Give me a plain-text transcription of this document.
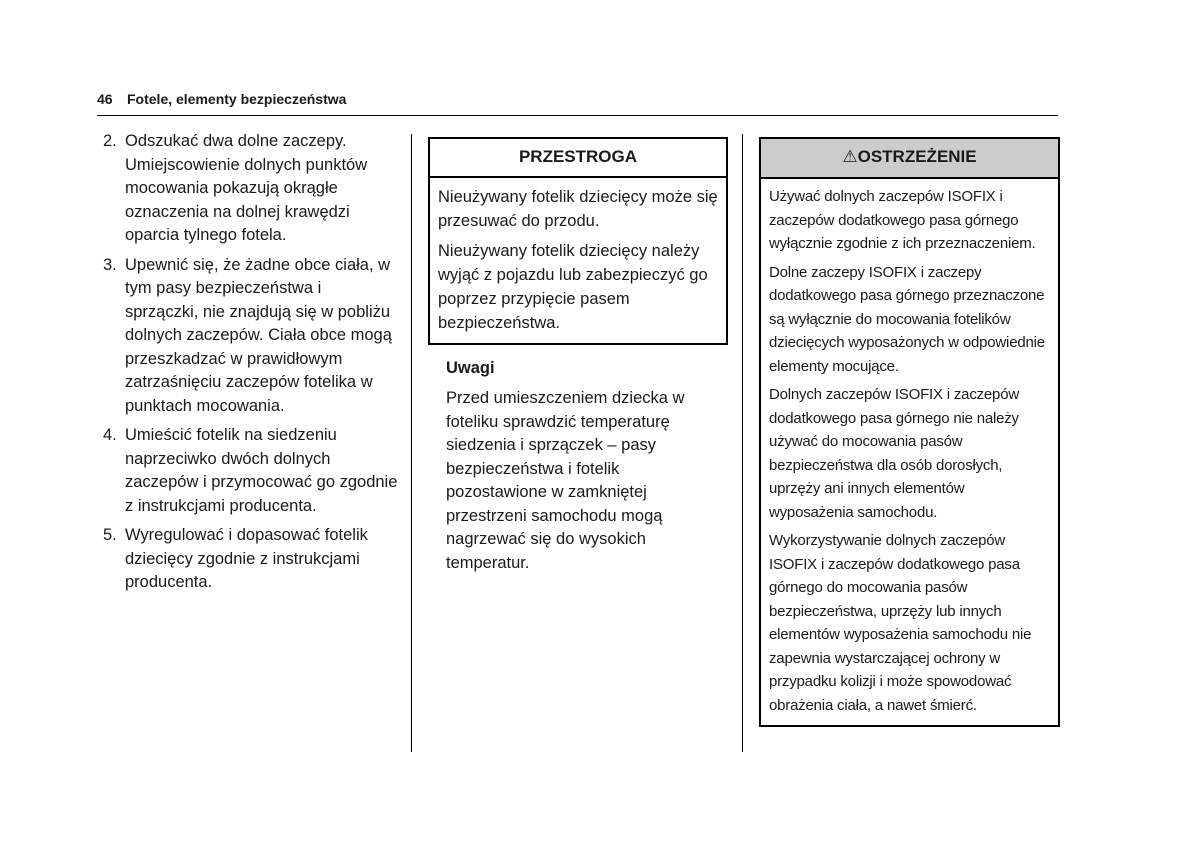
46 Fotele, elementy bezpieczeństwa
2. Odszukać dwa dolne zaczepy. Umiejscowienie dolnych punktów mocowania pokazują okrągłe oznaczenia na dolnej krawędzi oparcia tylnego fotela.
3. Upewnić się, że żadne obce ciała, w tym pasy bezpieczeństwa i sprzączki, nie znajdują się w pobliżu dolnych zaczepów. Ciała obce mogą przeszkadzać w prawidłowym zatrzaśnięciu zaczepów fotelika w punktach mocowania.
4. Umieścić fotelik na siedzeniu naprzeciwko dwóch dolnych zaczepów i przymocować go zgodnie z instrukcjami producenta.
5. Wyregulować i dopasować fotelik dziecięcy zgodnie z instrukcjami producenta.
PRZESTROGA

Nieużywany fotelik dziecięcy może się przesuwać do przodu.

Nieużywany fotelik dziecięcy należy wyjąć z pojazdu lub zabezpieczyć go poprzez przypięcie pasem bezpieczeństwa.

Uwagi
Przed umieszczeniem dziecka w foteliku sprawdzić temperaturę siedzenia i sprzączek – pasy bezpieczeństwa i fotelik pozostawione w zamkniętej przestrzeni samochodu mogą nagrzewać się do wysokich temperatur.
⚠OSTRZEŻENIE

Używać dolnych zaczepów ISOFIX i zaczepów dodatkowego pasa górnego wyłącznie zgodnie z ich przeznaczeniem.

Dolne zaczepy ISOFIX i zaczepy dodatkowego pasa górnego przeznaczone są wyłącznie do mocowania fotelików dziecięcych wyposażonych w odpowiednie elementy mocujące.

Dolnych zaczepów ISOFIX i zaczepów dodatkowego pasa górnego nie należy używać do mocowania pasów bezpieczeństwa dla osób dorosłych, uprzęży ani innych elementów wyposażenia samochodu.

Wykorzystywanie dolnych zaczepów ISOFIX i zaczepów dodatkowego pasa górnego do mocowania pasów bezpieczeństwa, uprzęży lub innych elementów wyposażenia samochodu nie zapewnia wystarczającej ochrony w przypadku kolizji i może spowodować obrażenia ciała, a nawet śmierć.
